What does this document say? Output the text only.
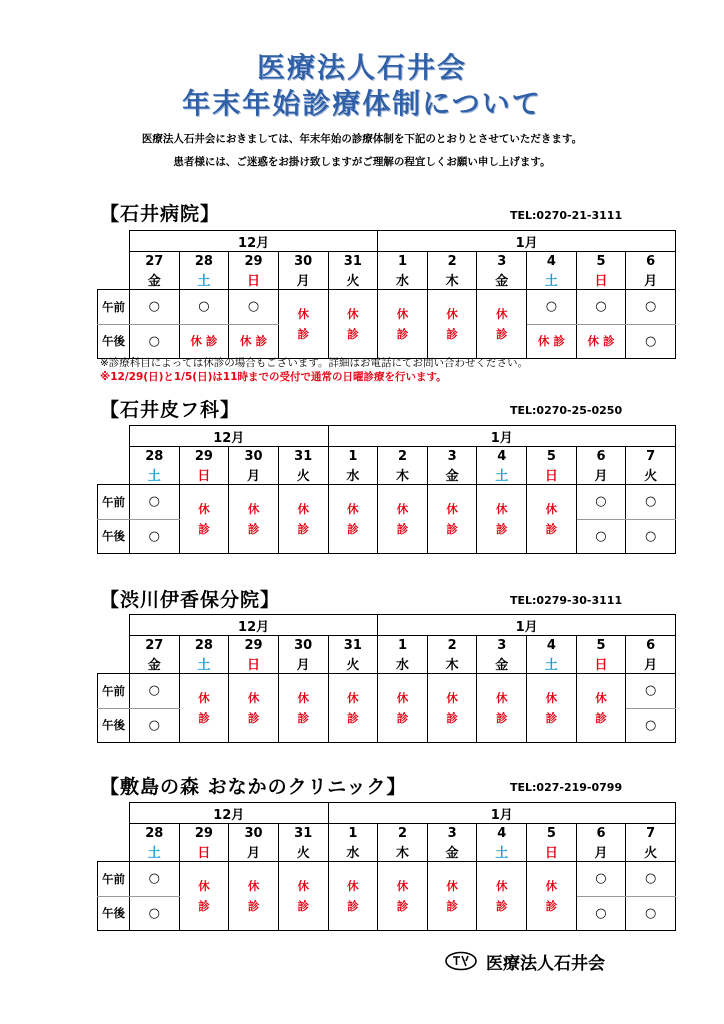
医療法人石井会
年末年始診療体制について
医療法人石井会におきましては、年末年始の診療体制を下記のとおりとさせていただきます。
患者様には、ご迷惑をお掛け致しますがご理解の程宜しくお願い申し上げます。
【石井病院】	TEL:0270-21-3111
	12月					1月					
	27	28	29	30	31	1	2	3	4	5	6
	金	土	日	月	火	水	木	金	土	日	月
午前	○	○	○	休	休	休	休	休	○	○	○
午後	○	休 診	休 診	診	診	診	診	診	休 診	休 診	○
※診療科目によっては休診の場合もございます。詳細はお電話にてお問い合わせください。
※12/29(日)と1/5(日)は11時までの受付で通常の日曜診療を行います。
【石井皮フ科】	TEL:0270-25-0250
	12月				1月						
	28	29	30	31	1	2	3	4	5	6	7
	土	日	月	火	水	木	金	土	日	月	火
午前	○	休	休	休	休	休	休	休	休	○	○
午後	○	診	診	診	診	診	診	診	診	○	○
【渋川伊香保分院】	TEL:0279-30-3111
	12月					1月					
	27	28	29	30	31	1	2	3	4	5	6
	金	土	日	月	火	水	木	金	土	日	月
午前	○	休	休	休	休	休	休	休	休	休	○
午後	○	診	診	診	診	診	診	診	診	診	○
【敷島の森 おなかのクリニック】	TEL:027-219-0799
	12月				1月						
	28	29	30	31	1	2	3	4	5	6	7
	土	日	月	火	水	木	金	土	日	月	火
午前	○	休	休	休	休	休	休	休	休	○	○
午後	○	診	診	診	診	診	診	診	診	○	○
医療法人石井会
